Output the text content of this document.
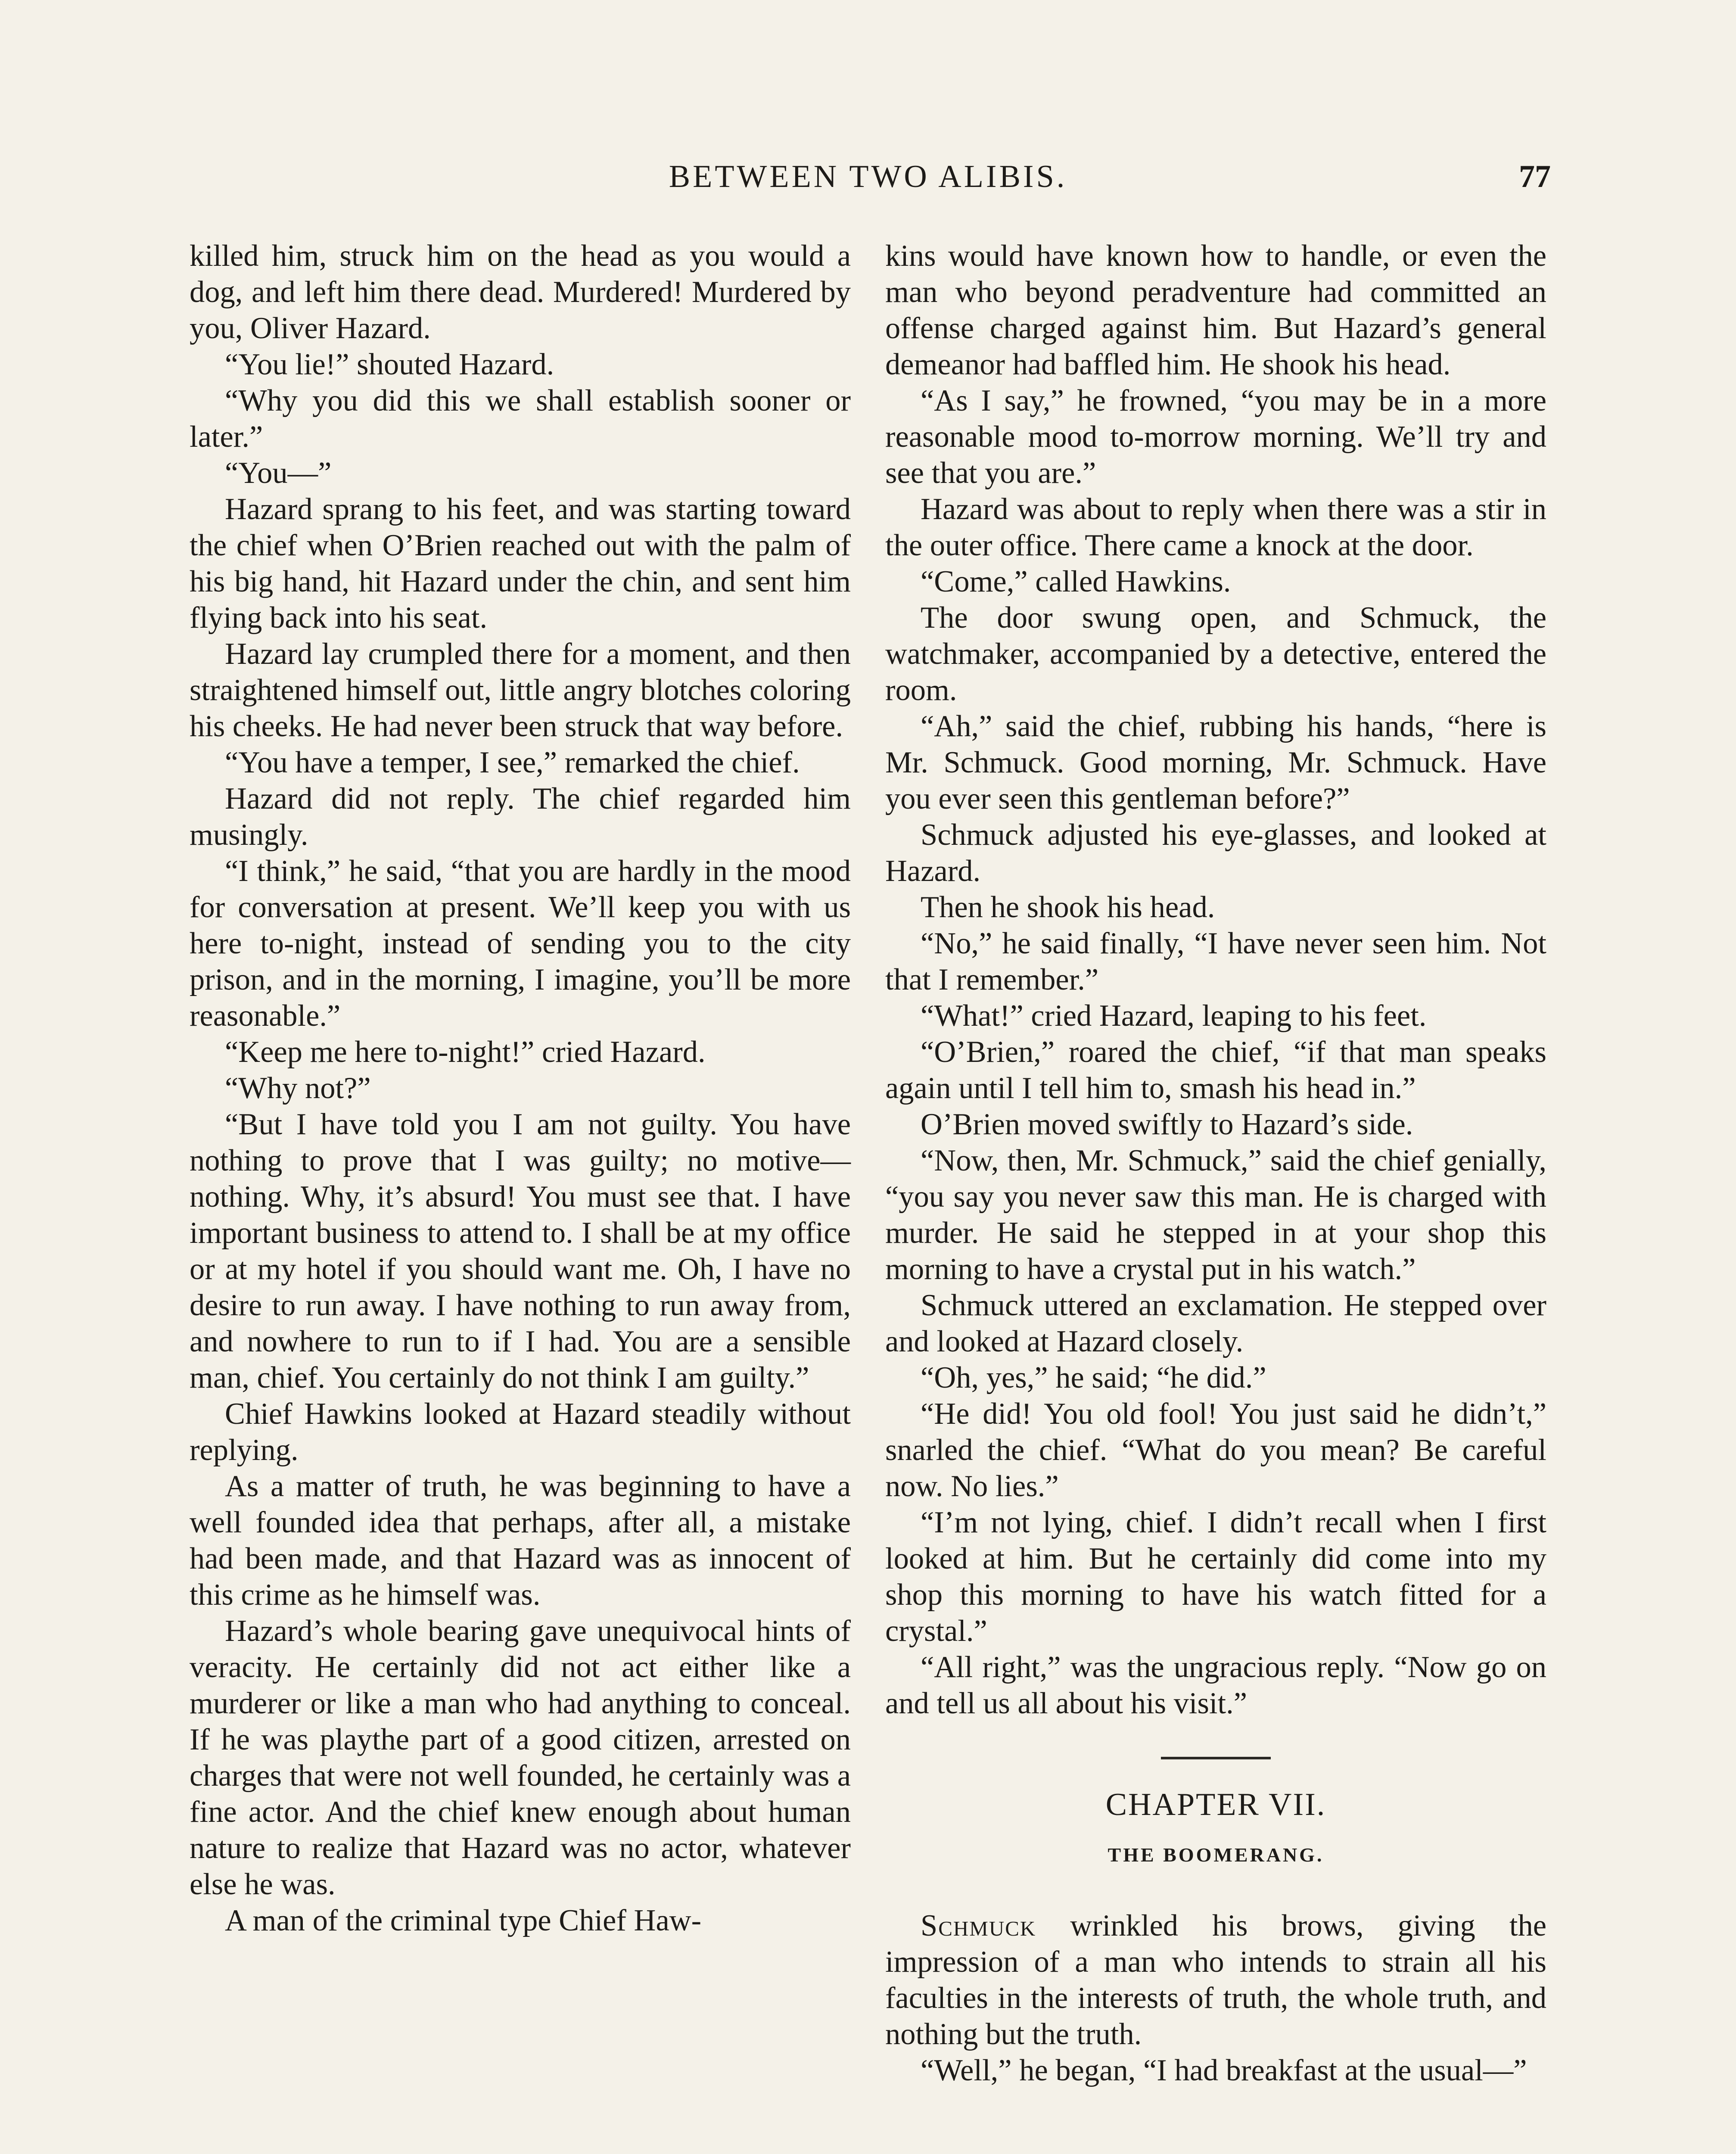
BETWEEN TWO ALIBIS.	77

killed him, struck him on the head as you would a dog, and left him there dead. Murdered! Murdered by you, Oliver Hazard.

“You lie!” shouted Hazard.

“Why you did this we shall establish sooner or later.”

“You—”

Hazard sprang to his feet, and was starting toward the chief when O’Brien reached out with the palm of his big hand, hit Hazard under the chin, and sent him flying back into his seat.

Hazard lay crumpled there for a moment, and then straightened himself out, little angry blotches coloring his cheeks. He had never been struck that way before.

“You have a temper, I see,” remarked the chief.

Hazard did not reply. The chief regarded him musingly.

“I think,” he said, “that you are hardly in the mood for conversation at present. We’ll keep you with us here to-night, instead of sending you to the city prison, and in the morning, I imagine, you’ll be more reasonable.”

“Keep me here to-night!” cried Hazard.

“Why not?”

“But I have told you I am not guilty. You have nothing to prove that I was guilty; no motive—nothing. Why, it’s absurd! You must see that. I have important business to attend to. I shall be at my office or at my hotel if you should want me. Oh, I have no desire to run away. I have nothing to run away from, and nowhere to run to if I had. You are a sensible man, chief. You certainly do not think I am guilty.”

Chief Hawkins looked at Hazard steadily without replying.

As a matter of truth, he was beginning to have a well founded idea that perhaps, after all, a mistake had been made, and that Hazard was as innocent of this crime as he himself was.

Hazard’s whole bearing gave unequivocal hints of veracity. He certainly did not act either like a murderer or like a man who had anything to conceal. If he was playthe part of a good citizen, arrested on charges that were not well founded, he certainly was a fine actor. And the chief knew enough about human nature to realize that Hazard was no actor, whatever else he was.

A man of the criminal type Chief Haw-

kins would have known how to handle, or even the man who beyond peradventure had committed an offense charged against him. But Hazard’s general demeanor had baffled him. He shook his head.

“As I say,” he frowned, “you may be in a more reasonable mood to-morrow morning. We’ll try and see that you are.”

Hazard was about to reply when there was a stir in the outer office. There came a knock at the door.

“Come,” called Hawkins.

The door swung open, and Schmuck, the watchmaker, accompanied by a detective, entered the room.

“Ah,” said the chief, rubbing his hands, “here is Mr. Schmuck. Good morning, Mr. Schmuck. Have you ever seen this gentleman before?”

Schmuck adjusted his eye-glasses, and looked at Hazard.

Then he shook his head.

“No,” he said finally, “I have never seen him. Not that I remember.”

“What!” cried Hazard, leaping to his feet.

“O’Brien,” roared the chief, “if that man speaks again until I tell him to, smash his head in.”

O’Brien moved swiftly to Hazard’s side.

“Now, then, Mr. Schmuck,” said the chief genially, “you say you never saw this man. He is charged with murder. He said he stepped in at your shop this morning to have a crystal put in his watch.”

Schmuck uttered an exclamation. He stepped over and looked at Hazard closely.

“Oh, yes,” he said; “he did.”

“He did! You old fool! You just said he didn’t,” snarled the chief. “What do you mean? Be careful now. No lies.”

“I’m not lying, chief. I didn’t recall when I first looked at him. But he certainly did come into my shop this morning to have his watch fitted for a crystal.”

“All right,” was the ungracious reply. “Now go on and tell us all about his visit.”

CHAPTER VII.
THE BOOMERANG.

Schmuck wrinkled his brows, giving the impression of a man who intends to strain all his faculties in the interests of truth, the whole truth, and nothing but the truth.

“Well,” he began, “I had breakfast at the usual—”
